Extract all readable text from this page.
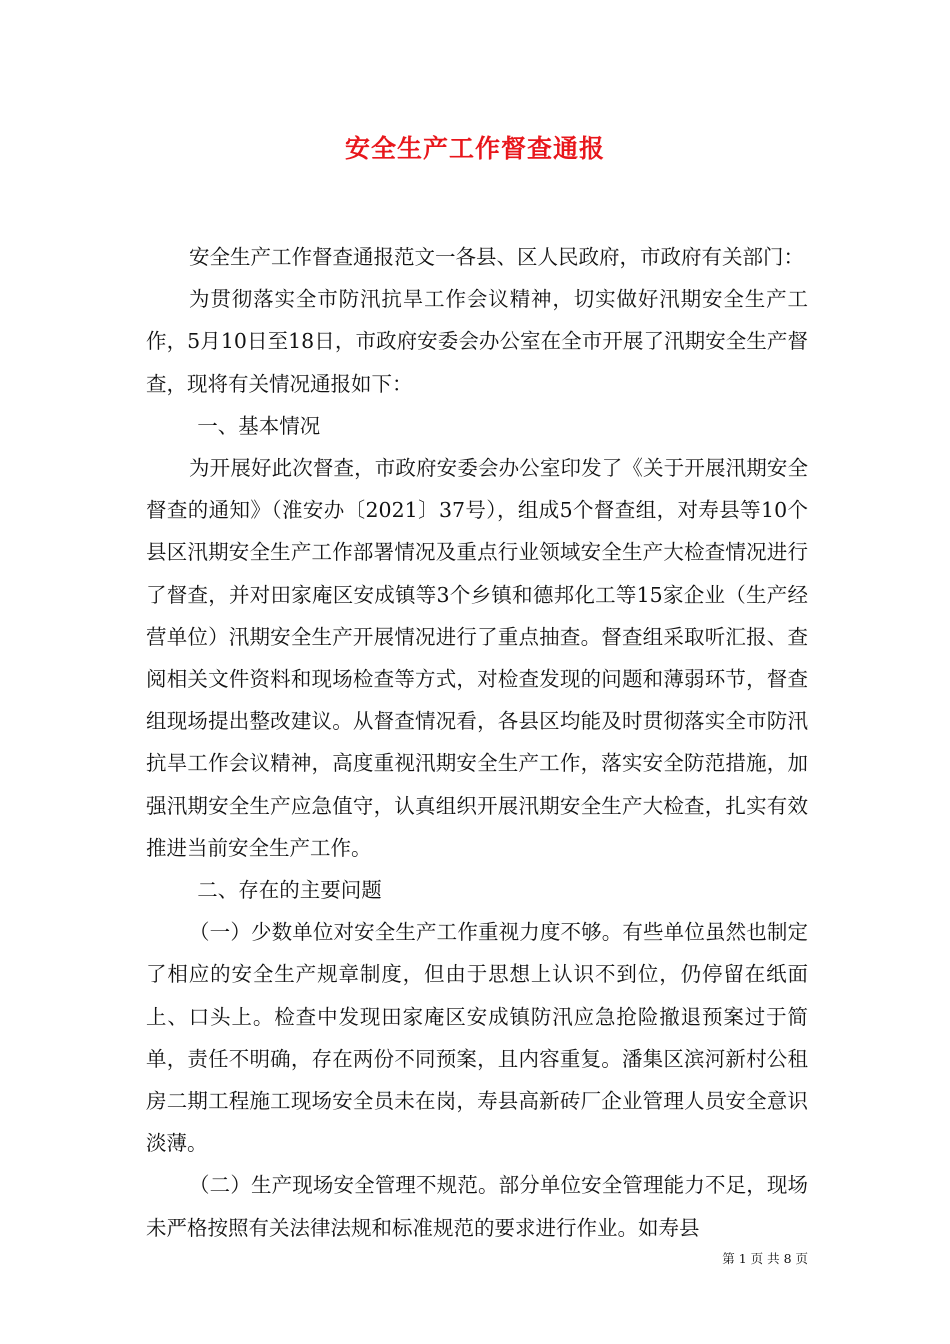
安全生产工作督查通报

安全生产工作督查通报范文一各县、区人民政府，市政府有关部门：

为贯彻落实全市防汛抗旱工作会议精神，切实做好汛期安全生产工作，5月10日至18日，市政府安委会办公室在全市开展了汛期安全生产督查，现将有关情况通报如下：

一、基本情况

为开展好此次督查，市政府安委会办公室印发了《关于开展汛期安全督查的通知》（淮安办〔2021〕37号），组成5个督查组，对寿县等10个县区汛期安全生产工作部署情况及重点行业领域安全生产大检查情况进行了督查，并对田家庵区安成镇等3个乡镇和德邦化工等15家企业（生产经营单位）汛期安全生产开展情况进行了重点抽查。督查组采取听汇报、查阅相关文件资料和现场检查等方式，对检查发现的问题和薄弱环节，督查组现场提出整改建议。从督查情况看，各县区均能及时贯彻落实全市防汛抗旱工作会议精神，高度重视汛期安全生产工作，落实安全防范措施，加强汛期安全生产应急值守，认真组织开展汛期安全生产大检查，扎实有效推进当前安全生产工作。

二、存在的主要问题

（一）少数单位对安全生产工作重视力度不够。有些单位虽然也制定了相应的安全生产规章制度，但由于思想上认识不到位，仍停留在纸面上、口头上。检查中发现田家庵区安成镇防汛应急抢险撤退预案过于简单，责任不明确，存在两份不同预案，且内容重复。潘集区滨河新村公租房二期工程施工现场安全员未在岗，寿县高新砖厂企业管理人员安全意识淡薄。

（二）生产现场安全管理不规范。部分单位安全管理能力不足，现场未严格按照有关法律法规和标准规范的要求进行作业。如寿县

第 1 页 共 8 页
